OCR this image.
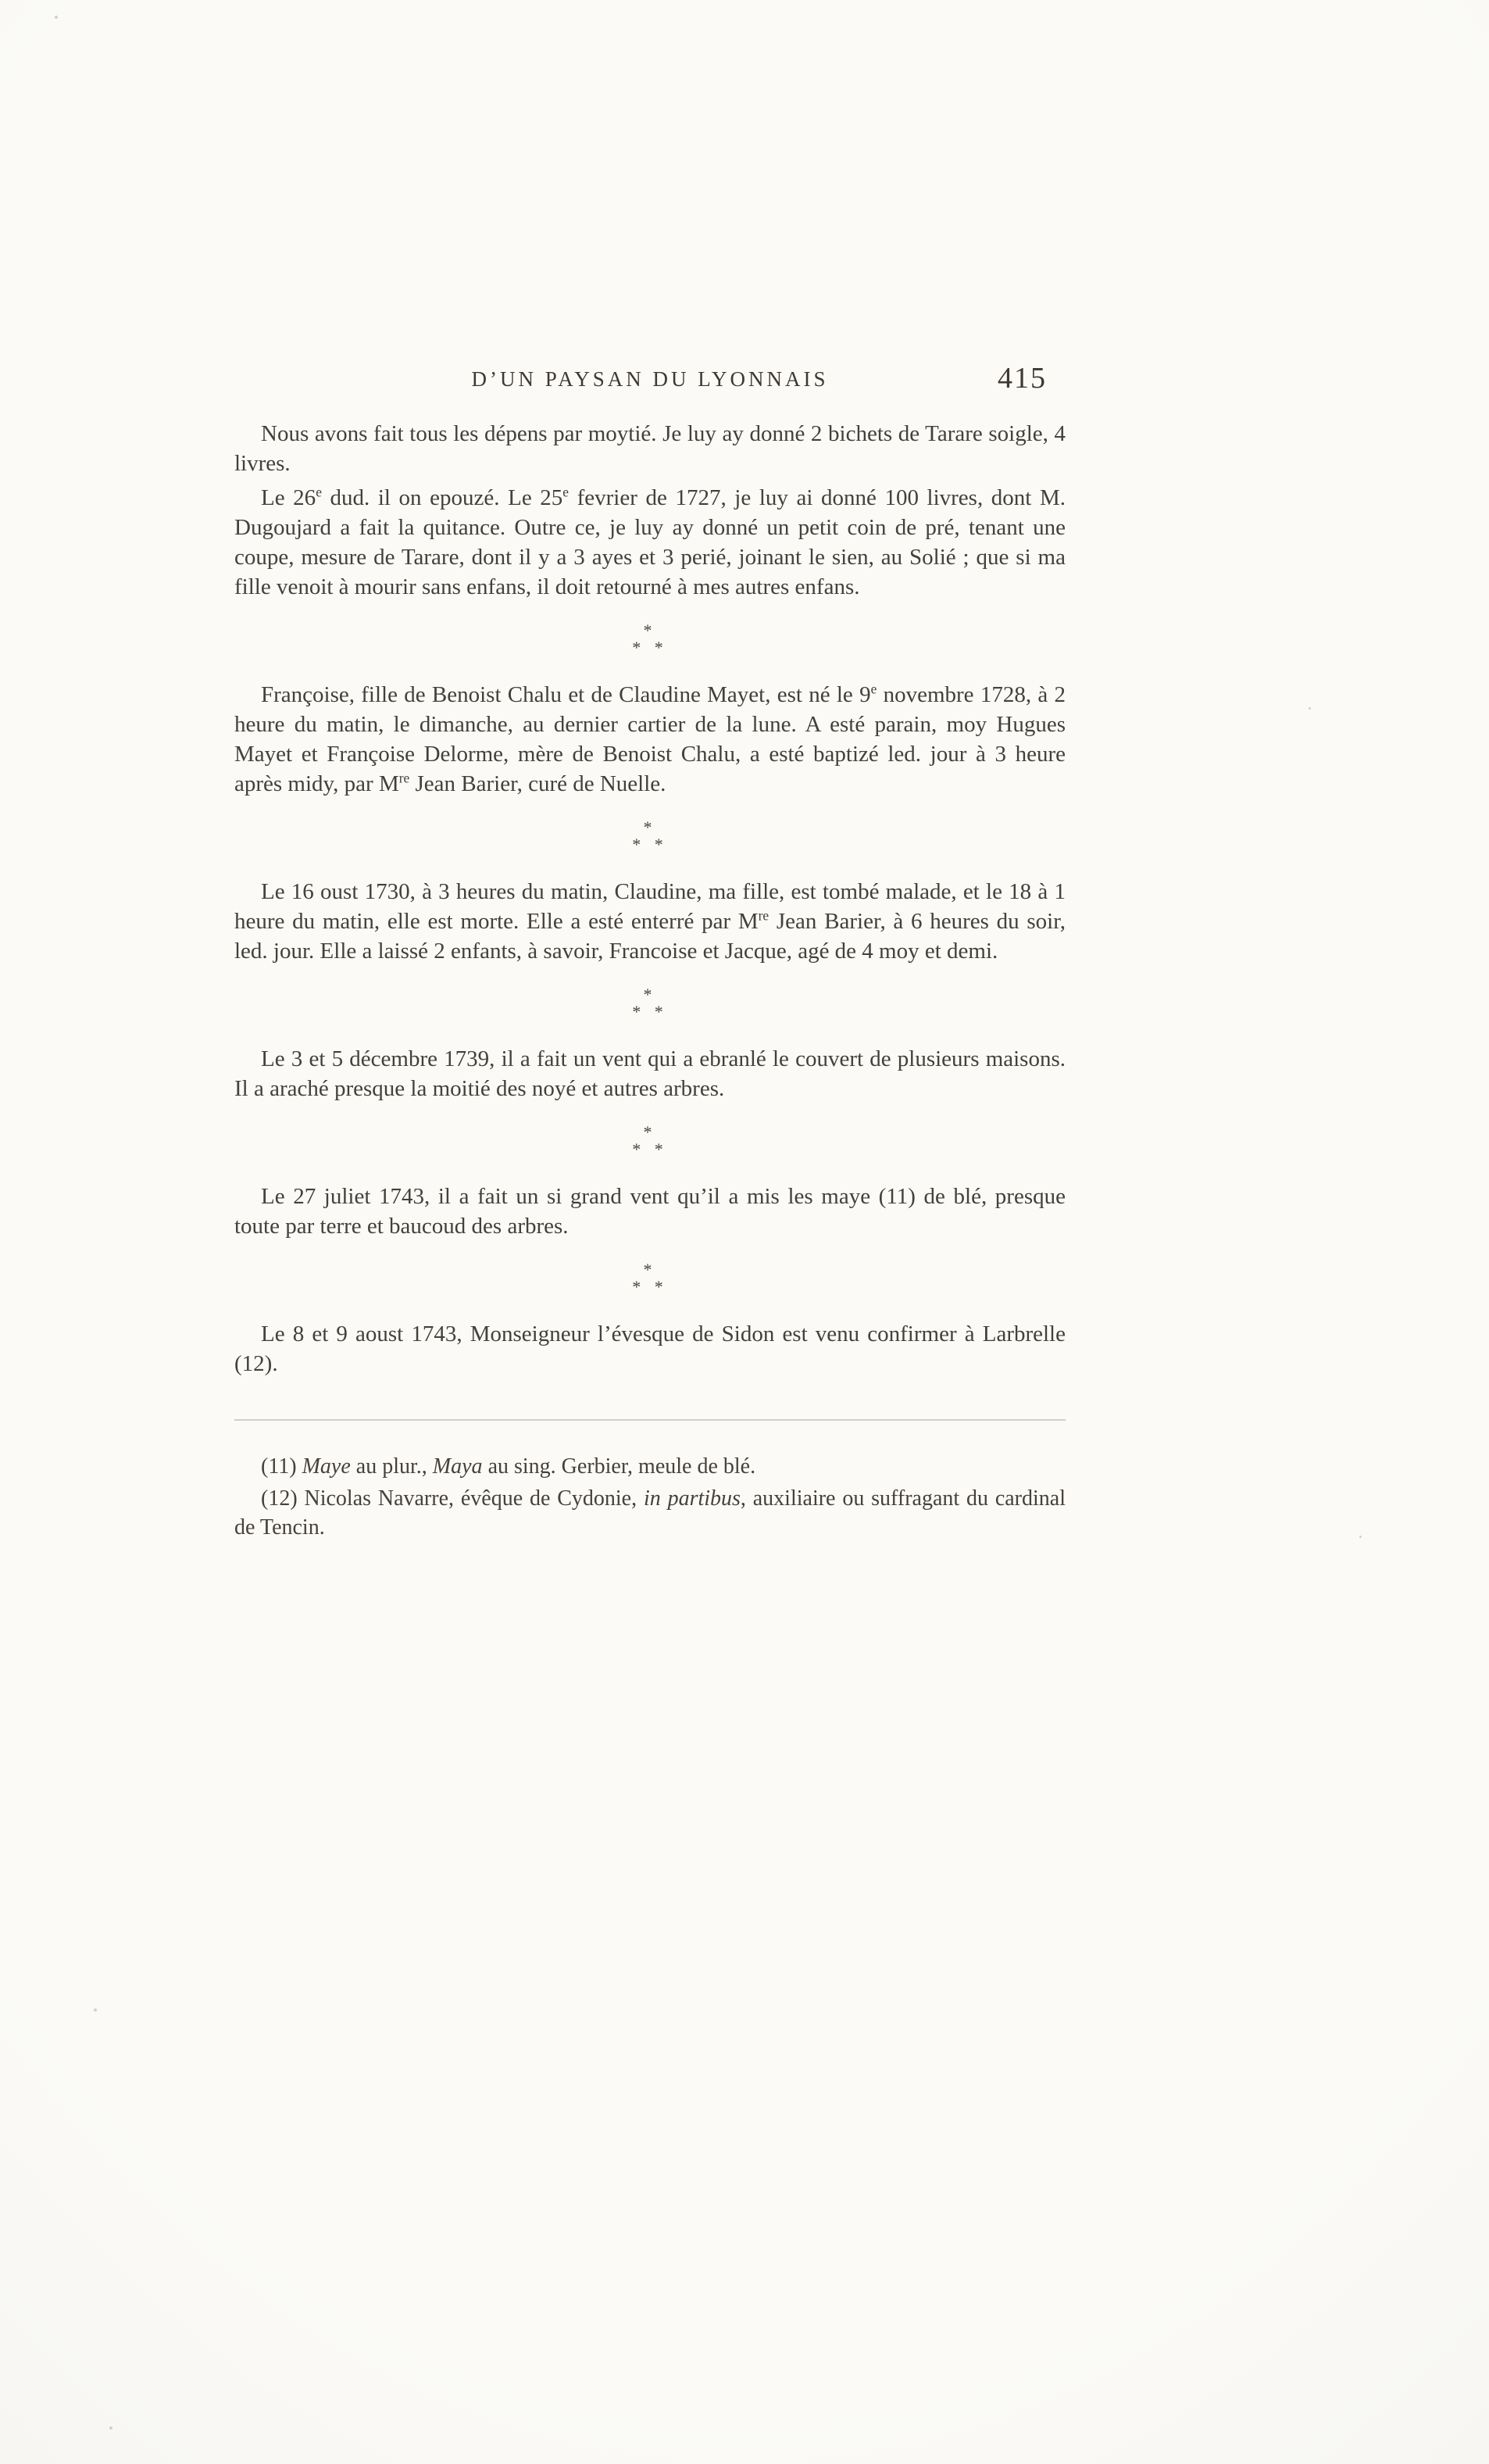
D’UN PAYSAN DU LYONNAIS	415

Nous avons fait tous les dépens par moytié. Je luy ay donné 2 bichets de Tarare soigle, 4 livres.

Le 26e dud. il on epouzé. Le 25e fevrier de 1727, je luy ai donné 100 livres, dont M. Dugoujard a fait la quitance. Outre ce, je luy ay donné un petit coin de pré, tenant une coupe, mesure de Tarare, dont il y a 3 ayes et 3 perié, joinant le sien, au Solié ; que si ma fille venoit à mourir sans enfans, il doit retourné à mes autres enfans.

*
* *

Françoise, fille de Benoist Chalu et de Claudine Mayet, est né le 9e novembre 1728, à 2 heure du matin, le dimanche, au dernier cartier de la lune. A esté parain, moy Hugues Mayet et Françoise Delorme, mère de Benoist Chalu, a esté baptizé led. jour à 3 heure après midy, par Mre Jean Barier, curé de Nuelle.

*
* *

Le 16 oust 1730, à 3 heures du matin, Claudine, ma fille, est tombé malade, et le 18 à 1 heure du matin, elle est morte. Elle a esté enterré par Mre Jean Barier, à 6 heures du soir, led. jour. Elle a laissé 2 enfants, à savoir, Francoise et Jacque, agé de 4 moy et demi.

*
* *

Le 3 et 5 décembre 1739, il a fait un vent qui a ebranlé le couvert de plusieurs maisons. Il a araché presque la moitié des noyé et autres arbres.

*
* *

Le 27 juliet 1743, il a fait un si grand vent qu’il a mis les maye (11) de blé, presque toute par terre et baucoud des arbres.

*
* *

Le 8 et 9 aoust 1743, Monseigneur l’évesque de Sidon est venu confirmer à Larbrelle (12).

(11) Maye au plur., Maya au sing. Gerbier, meule de blé.

(12) Nicolas Navarre, évêque de Cydonie, in partibus, auxiliaire ou suffragant du cardinal de Tencin.
